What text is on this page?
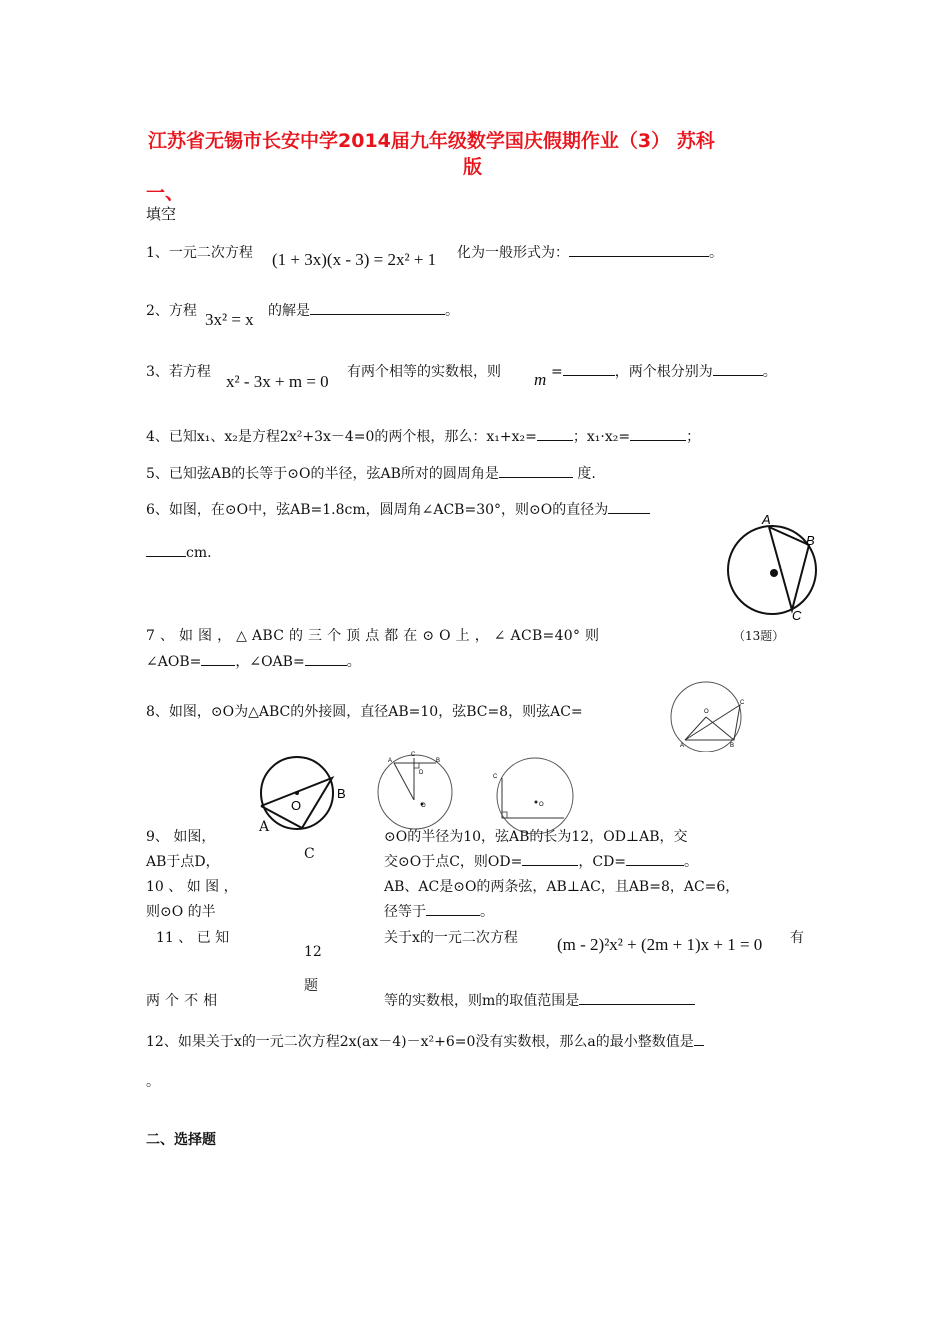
江苏省无锡市长安中学2014届九年级数学国庆假期作业（3） 苏科
版
一、
填空
1、一元二次方程 (1 + 3x)(x - 3) = 2x² + 1 化为一般形式为：	。
2、方程 3x² = x 的解是	。
3、若方程 x² - 3x + m = 0 有两个相等的实数根，则 m =	，两个根分别为	。
4、已知x₁、x₂是方程2x²+3x－4=0的两个根，那么：x₁+x₂=	；x₁·x₂=	；
5、已知弦AB的长等于⊙O的半径，弦AB所对的圆周角是	度.
6、如图，在⊙O中，弦AB=1.8cm，圆周角∠ACB=30°，则⊙O的直径为
cm.
A
B
C
（13题）
7 、 如 图 ， △ ABC 的 三 个 顶 点 都 在 ⊙ O 上 ， ∠ ACB=40° 则
∠AOB= ，∠OAB=	。
8、如图，⊙O为△ABC的外接圆，直径AB=10，弦BC=8，则弦AC=	O
C
A	B
O
B
A
C
A
C
B
D
O
C
O
9、 如图，
AB于点D，
⊙O的半径为10，弦AB的长为12，OD⊥AB，交
交⊙O于点C，则OD=	，CD=	。
10 、 如 图 ，
则⊙O 的半
AB、AC是⊙O的两条弦，AB⊥AC，且AB=8，AC=6，
径等于	。
11 、 已 知
12
题
关于x的一元二次方程 (m - 2)²x² + (2m + 1)x + 1 = 0 有
两 个 不 相	等的实数根，则m的取值范围是
12、如果关于x的一元二次方程2x(ax－4)－x²+6=0没有实数根，那么a的最小整数值是
。
二、选择题
